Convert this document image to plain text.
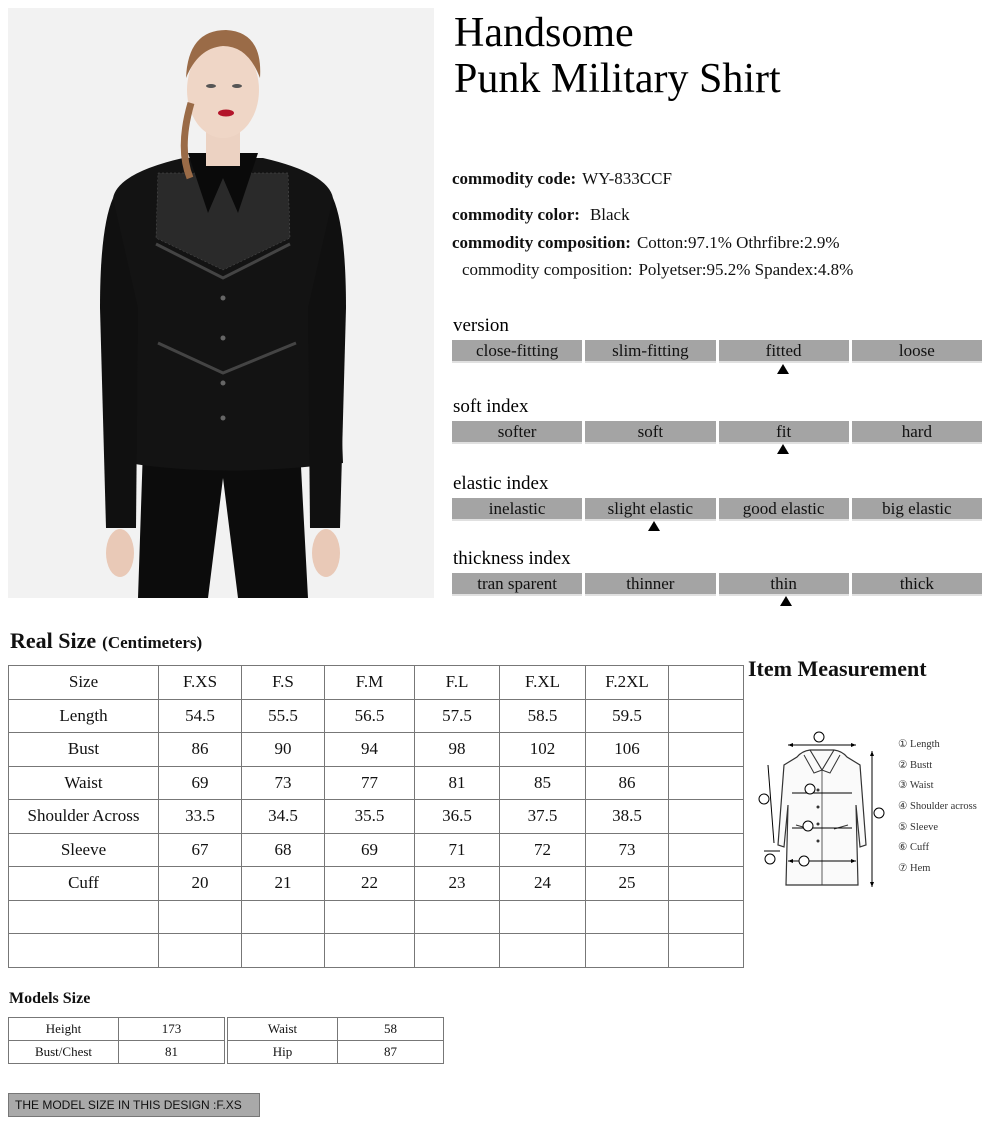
Handsome
Punk Military Shirt
commodity code: WY-833CCF
commodity color: Black
commodity composition: Cotton:97.1% Othrfibre:2.9%
commodity composition: Polyetser:95.2% Spandex:4.8%
version
close-fitting	slim-fitting	fitted	loose
soft index
softer	soft	fit	hard
elastic index
inelastic	slight elastic	good elastic	big elastic
thickness index
tran sparent	thinner	thin	thick
Real Size (Centimeters)
Size	F.XS	F.S	F.M	F.L	F.XL	F.2XL	
Length	54.5	55.5	56.5	57.5	58.5	59.5	
Bust	86	90	94	98	102	106	
Waist	69	73	77	81	85	86	
Shoulder Across	33.5	34.5	35.5	36.5	37.5	38.5	
Sleeve	67	68	69	71	72	73	
Cuff	20	21	22	23	24	25	

Item Measurement
① Length
② Bustt
③ Waist
④ Shoulder across
⑤ Sleeve
⑥ Cuff
⑦ Hem
Models Size
Height	173
Bust/Chest	81
Waist	58
Hip	87
THE MODEL SIZE IN THIS DESIGN :F.XS
